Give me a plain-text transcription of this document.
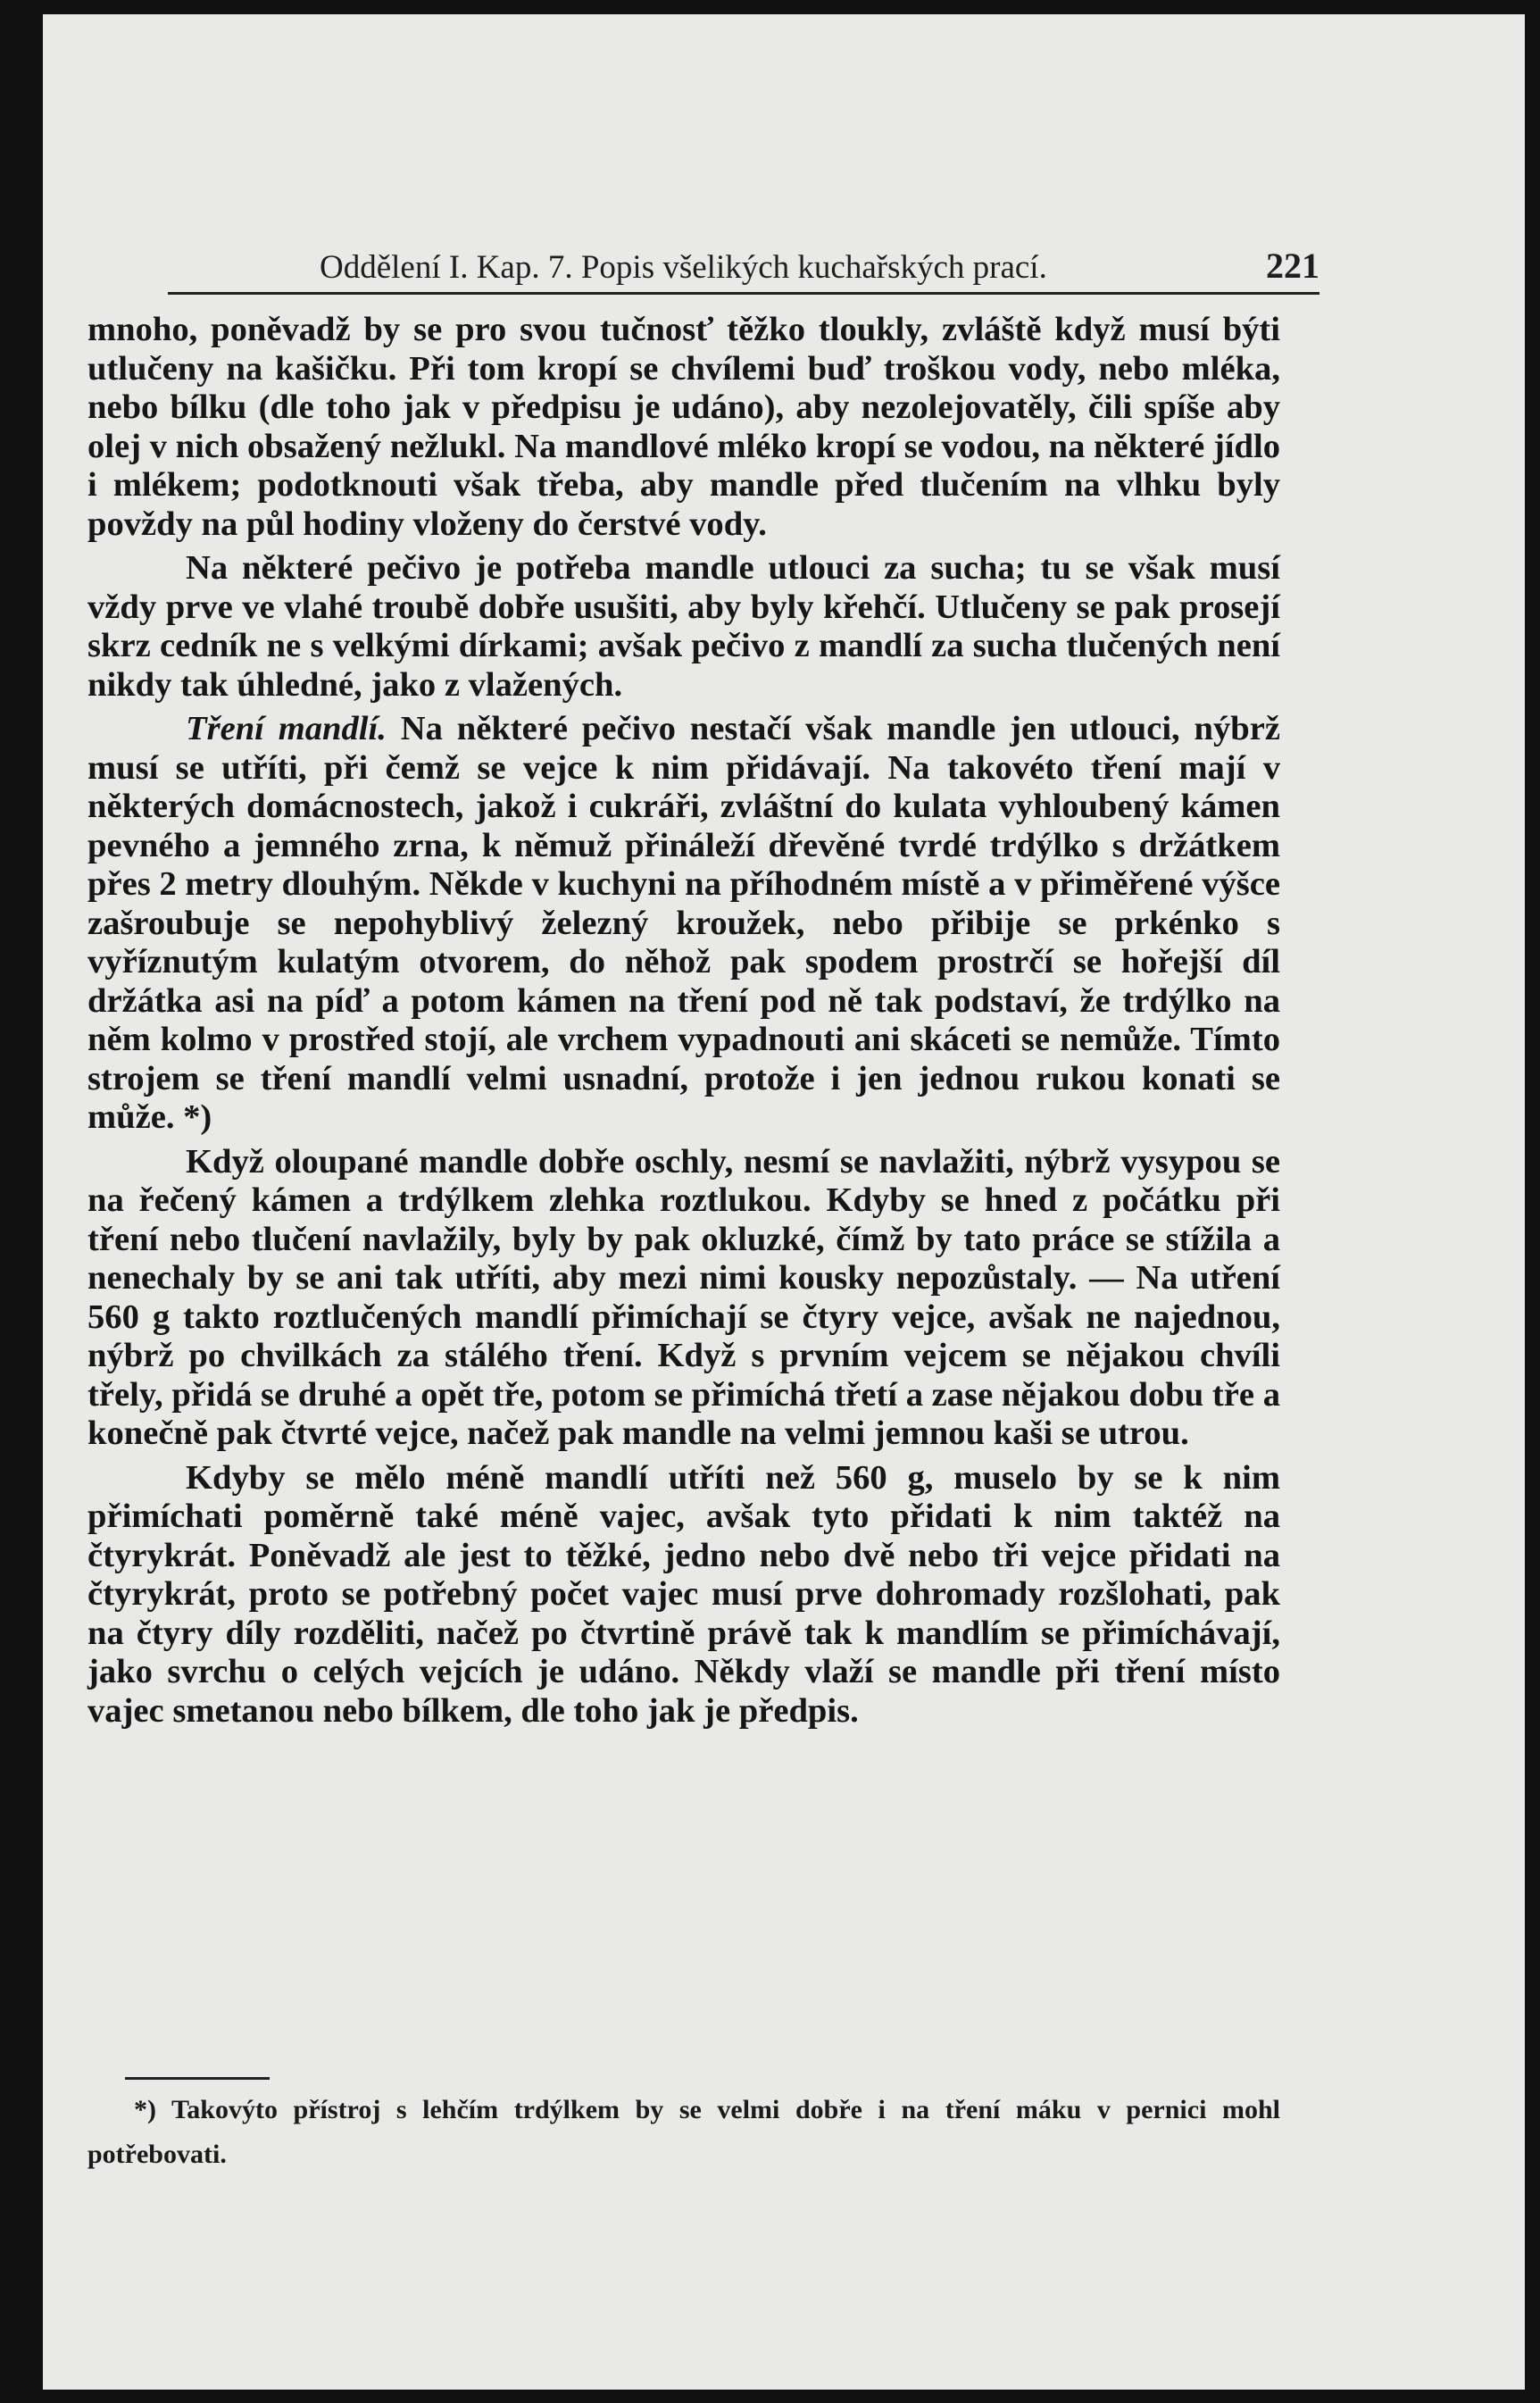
Oddělení I. Kap. 7. Popis všelikých kuchařských prací.	221

mnoho, poněvadž by se pro svou tučnosť těžko tloukly, zvláště když musí býti utlučeny na kašičku. Při tom kropí se chvílemi buď troškou vody, nebo mléka, nebo bílku (dle toho jak v předpisu je udáno), aby nezolejovatěly, čili spíše aby olej v nich obsažený nežlukl. Na mandlové mléko kropí se vodou, na některé jídlo i mlékem; podotknouti však třeba, aby mandle před tlučením na vlhku byly povždy na půl hodiny vloženy do čerstvé vody.

Na některé pečivo je potřeba mandle utlouci za sucha; tu se však musí vždy prve ve vlahé troubě dobře usušiti, aby byly křehčí. Utlučeny se pak prosejí skrz cedník ne s velkými dírkami; avšak pečivo z mandlí za sucha tlučených není nikdy tak úhledné, jako z vlažených.

Tření mandlí. Na některé pečivo nestačí však mandle jen utlouci, nýbrž musí se utříti, při čemž se vejce k nim přidávají. Na takovéto tření mají v některých domácnostech, jakož i cukráři, zvláštní do kulata vyhloubený kámen pevného a jemného zrna, k němuž přináleží dřevěné tvrdé trdýlko s držátkem přes 2 metry dlouhým. Někde v kuchyni na příhodném místě a v přiměřené výšce zašroubuje se nepohyblivý železný kroužek, nebo přibije se prkénko s vyříznutým kulatým otvorem, do něhož pak spodem prostrčí se hořejší díl držátka asi na píď a potom kámen na tření pod ně tak podstaví, že trdýlko na něm kolmo v prostřed stojí, ale vrchem vypadnouti ani skáceti se nemůže. Tímto strojem se tření mandlí velmi usnadní, protože i jen jednou rukou konati se může. *)

Když oloupané mandle dobře oschly, nesmí se navlažiti, nýbrž vysypou se na řečený kámen a trdýlkem zlehka roztlukou. Kdyby se hned z počátku při tření nebo tlučení navlažily, byly by pak okluzké, čímž by tato práce se stížila a nenechaly by se ani tak utříti, aby mezi nimi kousky nepozůstaly. — Na utření 560 g takto roztlučených mandlí přimíchají se čtyry vejce, avšak ne najednou, nýbrž po chvilkách za stálého tření. Když s prvním vejcem se nějakou chvíli třely, přidá se druhé a opět tře, potom se přimíchá třetí a zase nějakou dobu tře a konečně pak čtvrté vejce, načež pak mandle na velmi jemnou kaši se utrou.

Kdyby se mělo méně mandlí utříti než 560 g, muselo by se k nim přimíchati poměrně také méně vajec, avšak tyto přidati k nim taktéž na čtyrykrát. Poněvadž ale jest to těžké, jedno nebo dvě nebo tři vejce přidati na čtyrykrát, proto se potřebný počet vajec musí prve dohromady rozšlohati, pak na čtyry díly rozděliti, načež po čtvrtině právě tak k mandlím se přimíchávají, jako svrchu o celých vejcích je udáno. Někdy vlaží se mandle při tření místo vajec smetanou nebo bílkem, dle toho jak je předpis.

*) Takovýto přístroj s lehčím trdýlkem by se velmi dobře i na tření máku v pernici mohl potřebovati.
